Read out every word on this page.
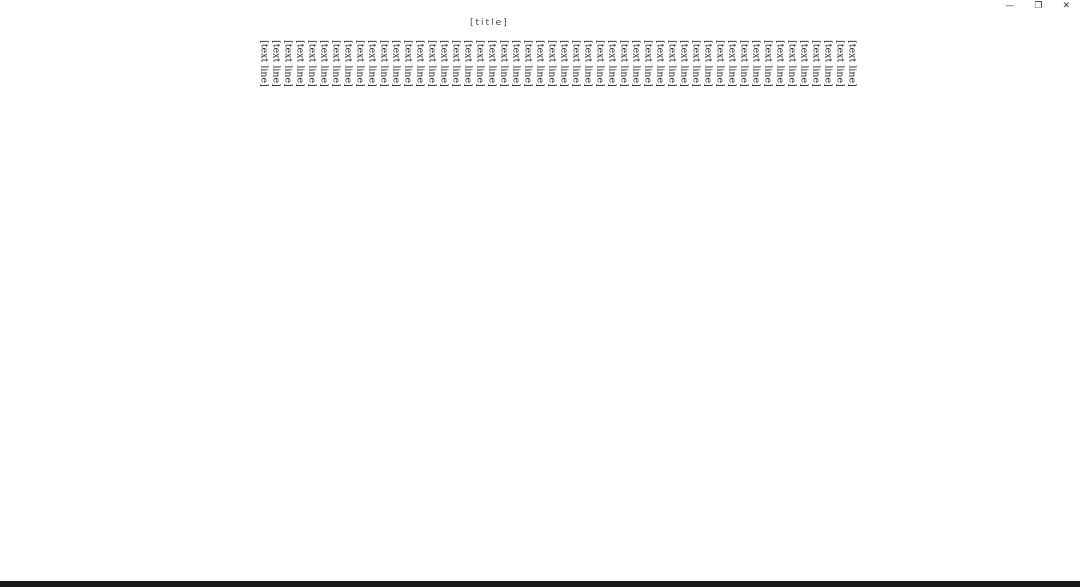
— ❐ ✕
[title]
[text line]
[text line]
[text line]
[text line]
[text line]
[text line]
[text line]
[text line]
[text line]
[text line]
[text line]
[text line]
[text line]
[text line]
[text line]
[text line]
[text line]
[text line]
[text line]
[text line]
[text line]
[text line]
[text line]
[text line]
[text line]
[text line]
[text line]
[text line]
[text line]
[text line]
[text line]
[text line]
[text line]
[text line]
[text line]
[text line]
[text line]
[text line]
[text line]
[text line]
[text line]
[text line]
[text line]
[text line]
[text line]
[text line]
[text line]
[text line]
[text line]
[text line]
